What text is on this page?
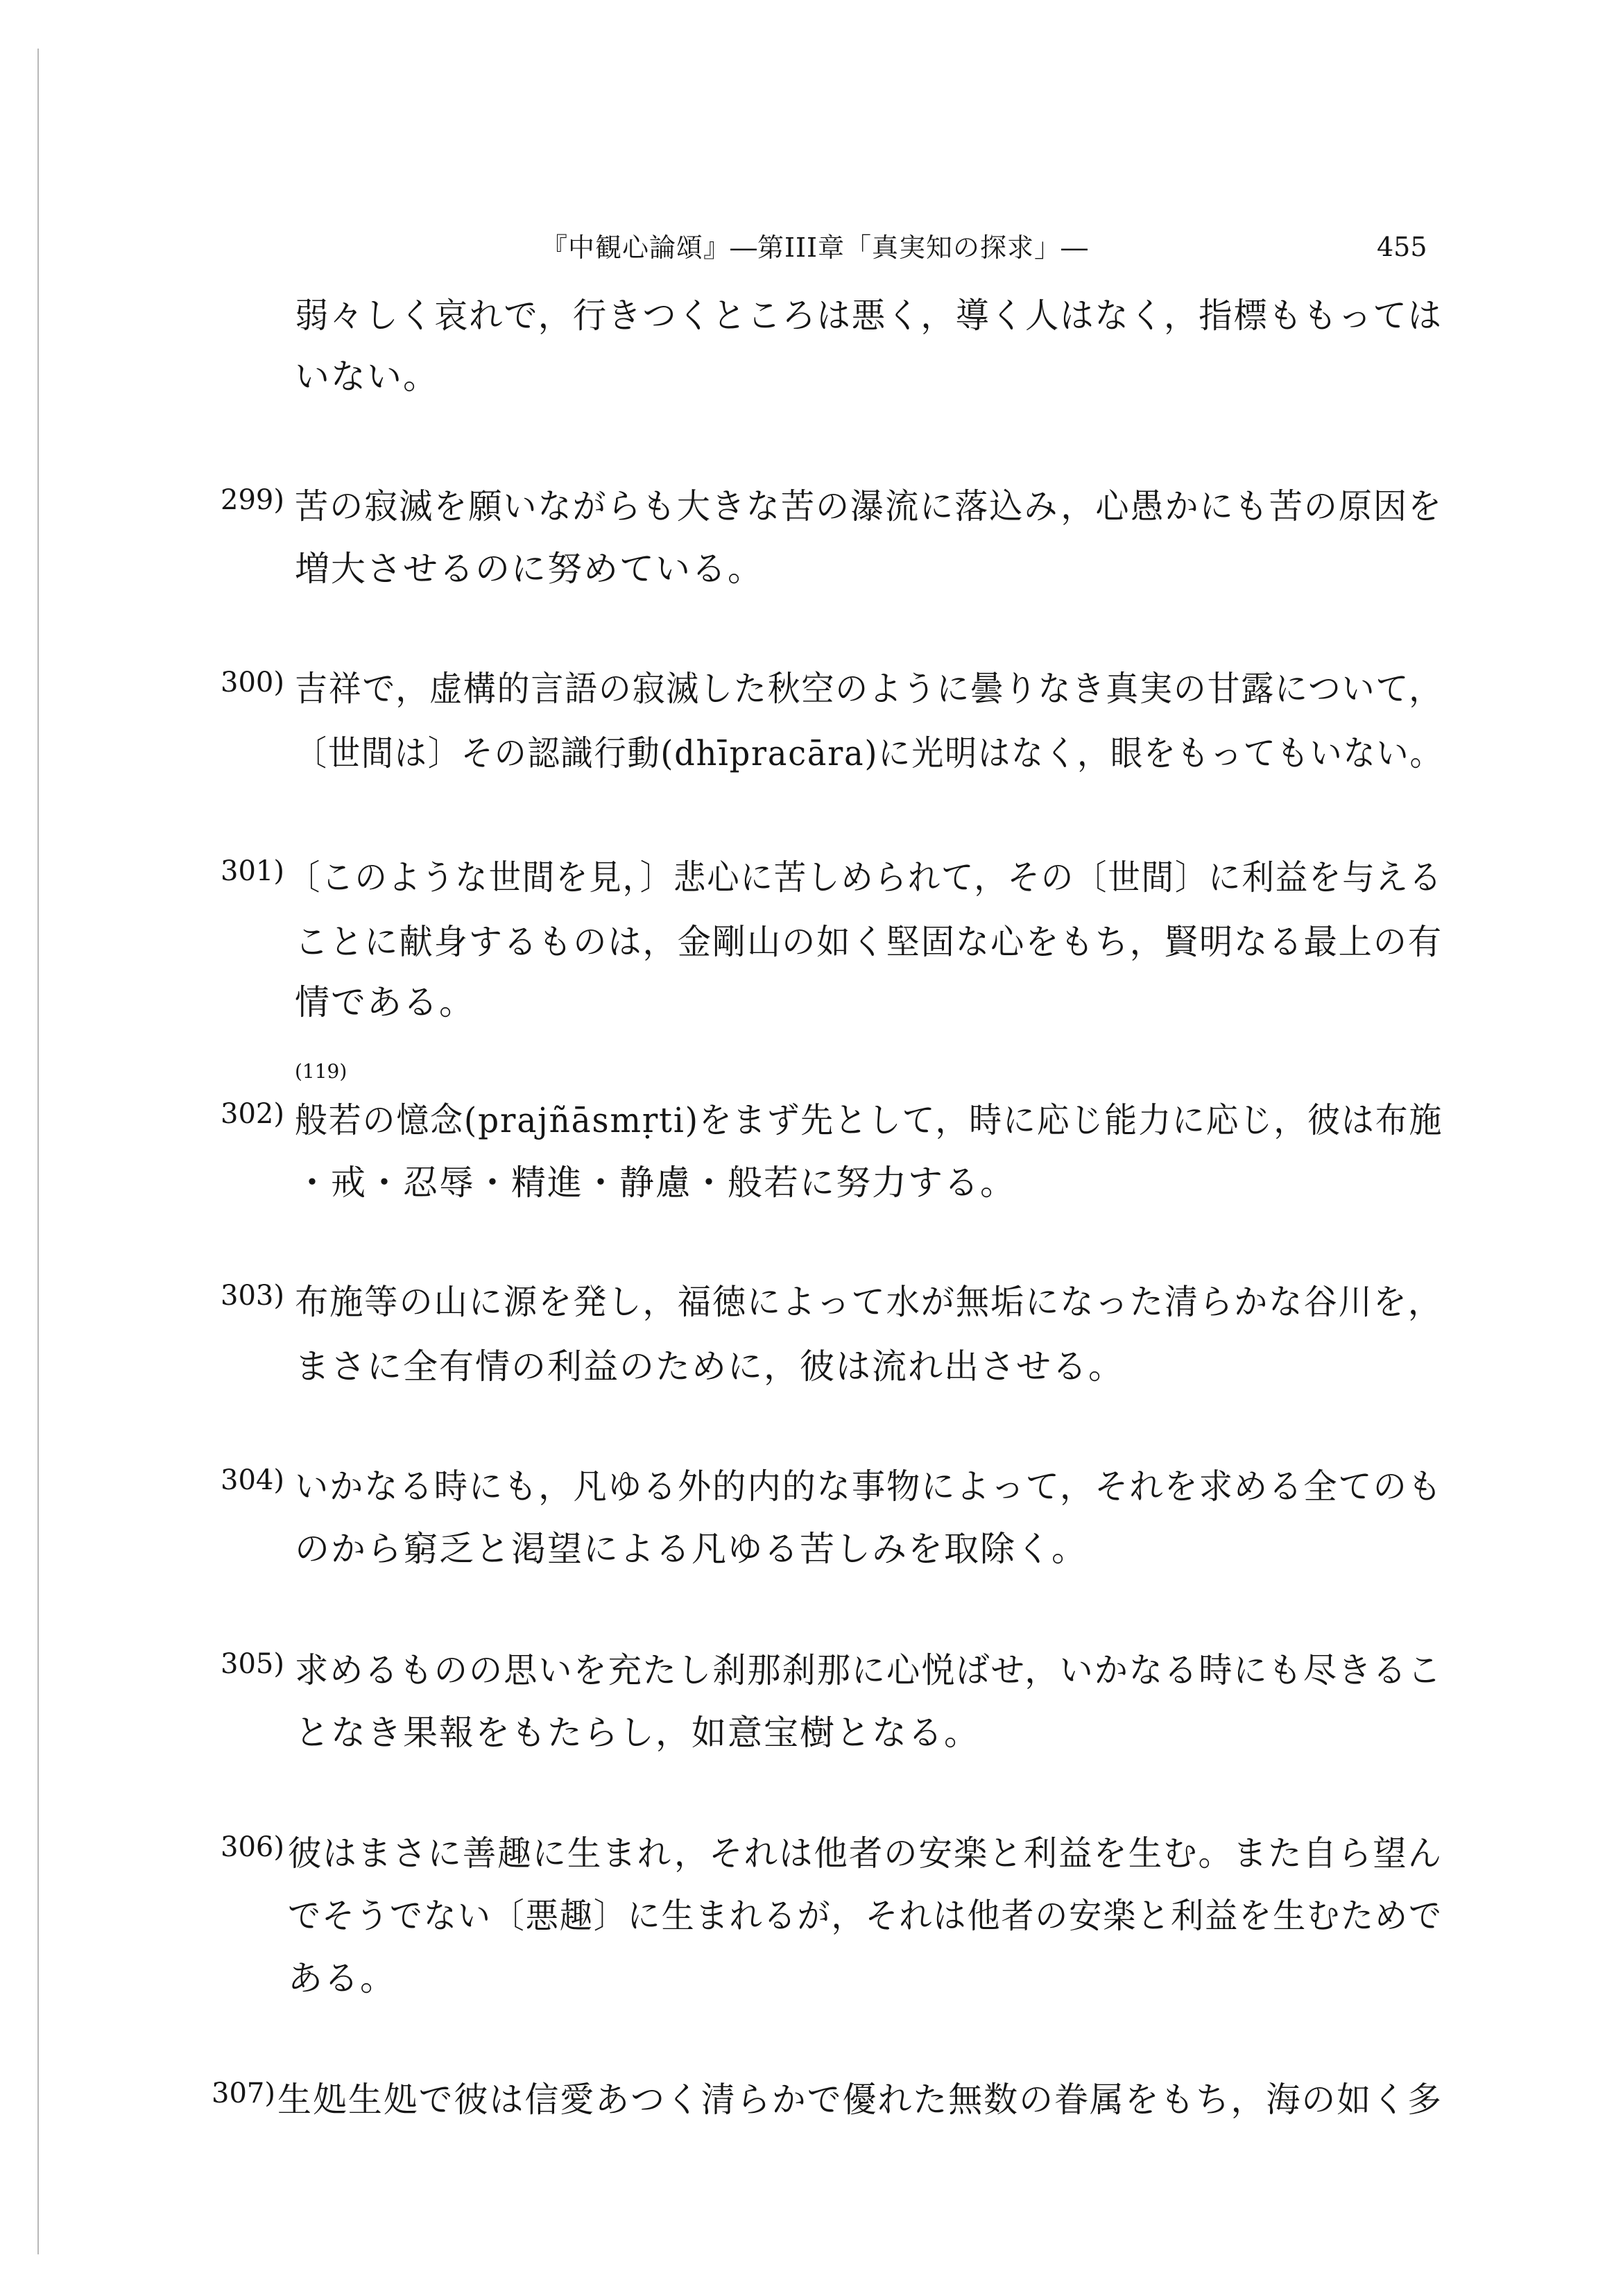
『中観心論頌』―第III章「真実知の探求」―	455
弱々しく哀れで，行きつくところは悪く，導く人はなく，指標ももっては
いない。
299) 苦の寂滅を願いながらも大きな苦の瀑流に落込み，心愚かにも苦の原因を
増大させるのに努めている。
300) 吉祥で，虚構的言語の寂滅した秋空のように曇りなき真実の甘露について，
〔世間は〕その認識行動(dhīpracāra)に光明はなく，眼をもってもいない。
301) 〔このような世間を見，〕悲心に苦しめられて，その〔世間〕に利益を与える
ことに献身するものは，金剛山の如く堅固な心をもち，賢明なる最上の有
情である。
(119)
302) 般若の憶念(prajñāsmṛti)をまず先として，時に応じ能力に応じ，彼は布施
・戒・忍辱・精進・静慮・般若に努力する。
303) 布施等の山に源を発し，福徳によって水が無垢になった清らかな谷川を，
まさに全有情の利益のために，彼は流れ出させる。
304) いかなる時にも，凡ゆる外的内的な事物によって，それを求める全てのも
のから窮乏と渇望による凡ゆる苦しみを取除く。
305) 求めるものの思いを充たし刹那刹那に心悦ばせ，いかなる時にも尽きるこ
となき果報をもたらし，如意宝樹となる。
306) 彼はまさに善趣に生まれ，それは他者の安楽と利益を生む。また自ら望ん
でそうでない〔悪趣〕に生まれるが，それは他者の安楽と利益を生むためで
ある。
307) 生処生処で彼は信愛あつく清らかで優れた無数の眷属をもち，海の如く多
